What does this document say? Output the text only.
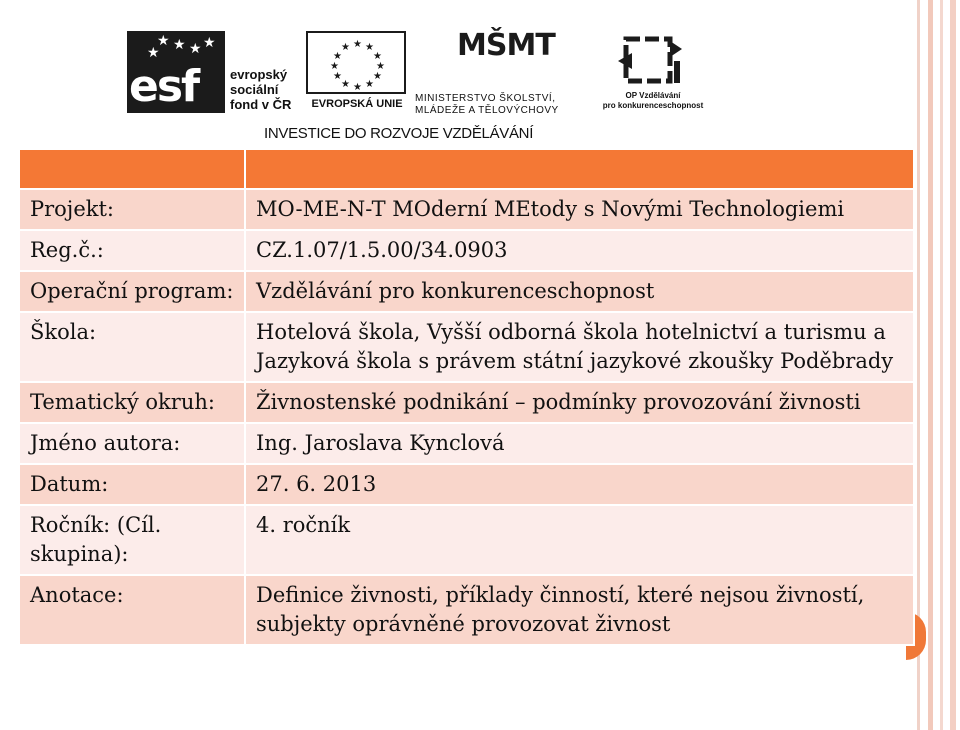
★ ★ ★ ★
★
esf evropský
sociální
fond v ČR
★ ★
★
★
★
★
★
★
★
★
★
★
EVROPSKÁ UNIE
MŠMT
MINISTERSTVO ŠKOLSTVÍ,
MLÁDEŽE A TĚLOVÝCHOVY
OP Vzdělávání
pro konkurenceschopnost
INVESTICE DO ROZVOJE VZDĚLÁVÁNÍ

Projekt:	MO-ME-N-T MOderní MEtody s Novými Technologiemi
Reg.č.:	CZ.1.07/1.5.00/34.0903
Operační program:	Vzdělávání pro konkurenceschopnost
Škola:	Hotelová škola, Vyšší odborná škola hotelnictví a turismu a Jazyková škola s právem státní jazykové zkoušky Poděbrady
Tematický okruh:	Živnostenské podnikání – podmínky provozování živnosti
Jméno autora:	Ing. Jaroslava Kynclová
Datum:	27. 6. 2013
Ročník: (Cíl. skupina):	4. ročník
Anotace:	Definice živnosti, příklady činností, které nejsou živností, subjekty oprávněné provozovat živnost
